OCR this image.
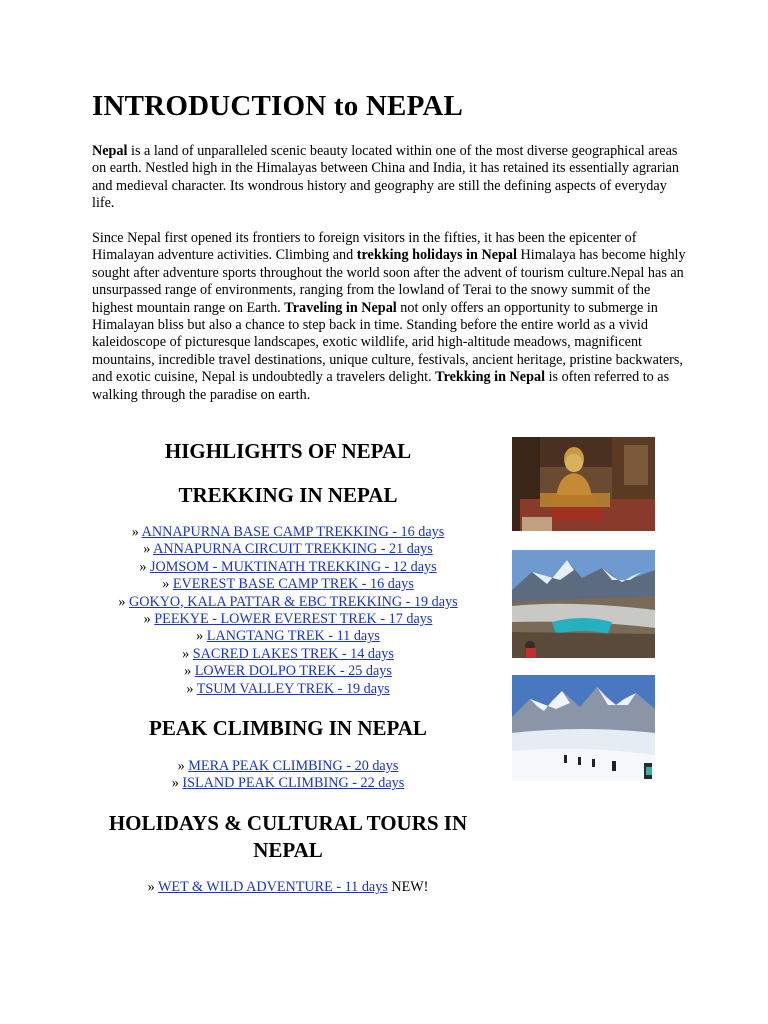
INTRODUCTION to NEPAL

Nepal is a land of unparalleled scenic beauty located within one of the most diverse geographical areas on earth. Nestled high in the Himalayas between China and India, it has retained its essentially agrarian and medieval character. Its wondrous history and geography are still the defining aspects of everyday life.

Since Nepal first opened its frontiers to foreign visitors in the fifties, it has been the epicenter of Himalayan adventure activities. Climbing and trekking holidays in Nepal Himalaya has become highly sought after adventure sports throughout the world soon after the advent of tourism culture.Nepal has an unsurpassed range of environments, ranging from the lowland of Terai to the snowy summit of the highest mountain range on Earth. Traveling in Nepal not only offers an opportunity to submerge in Himalayan bliss but also a chance to step back in time. Standing before the entire world as a vivid kaleidoscope of picturesque landscapes, exotic wildlife, arid high-altitude meadows, magnificent mountains, incredible travel destinations, unique culture, festivals, ancient heritage, pristine backwaters, and exotic cuisine, Nepal is undoubtedly a travelers delight. Trekking in Nepal is often referred to as walking through the paradise on earth.

HIGHLIGHTS OF NEPAL
TREKKING IN NEPAL
» ANNAPURNA BASE CAMP TREKKING - 16 days
» ANNAPURNA CIRCUIT TREKKING - 21 days
» JOMSOM - MUKTINATH TREKKING - 12 days
» EVEREST BASE CAMP TREK - 16 days
» GOKYO, KALA PATTAR & EBC TREKKING - 19 days
» PEEKYE - LOWER EVEREST TREK - 17 days
» LANGTANG TREK - 11 days
» SACRED LAKES TREK - 14 days
» LOWER DOLPO TREK - 25 days
» TSUM VALLEY TREK - 19 days
PEAK CLIMBING IN NEPAL
» MERA PEAK CLIMBING - 20 days
» ISLAND PEAK CLIMBING - 22 days
HOLIDAYS & CULTURAL TOURS IN
NEPAL
» WET & WILD ADVENTURE - 11 days NEW!
